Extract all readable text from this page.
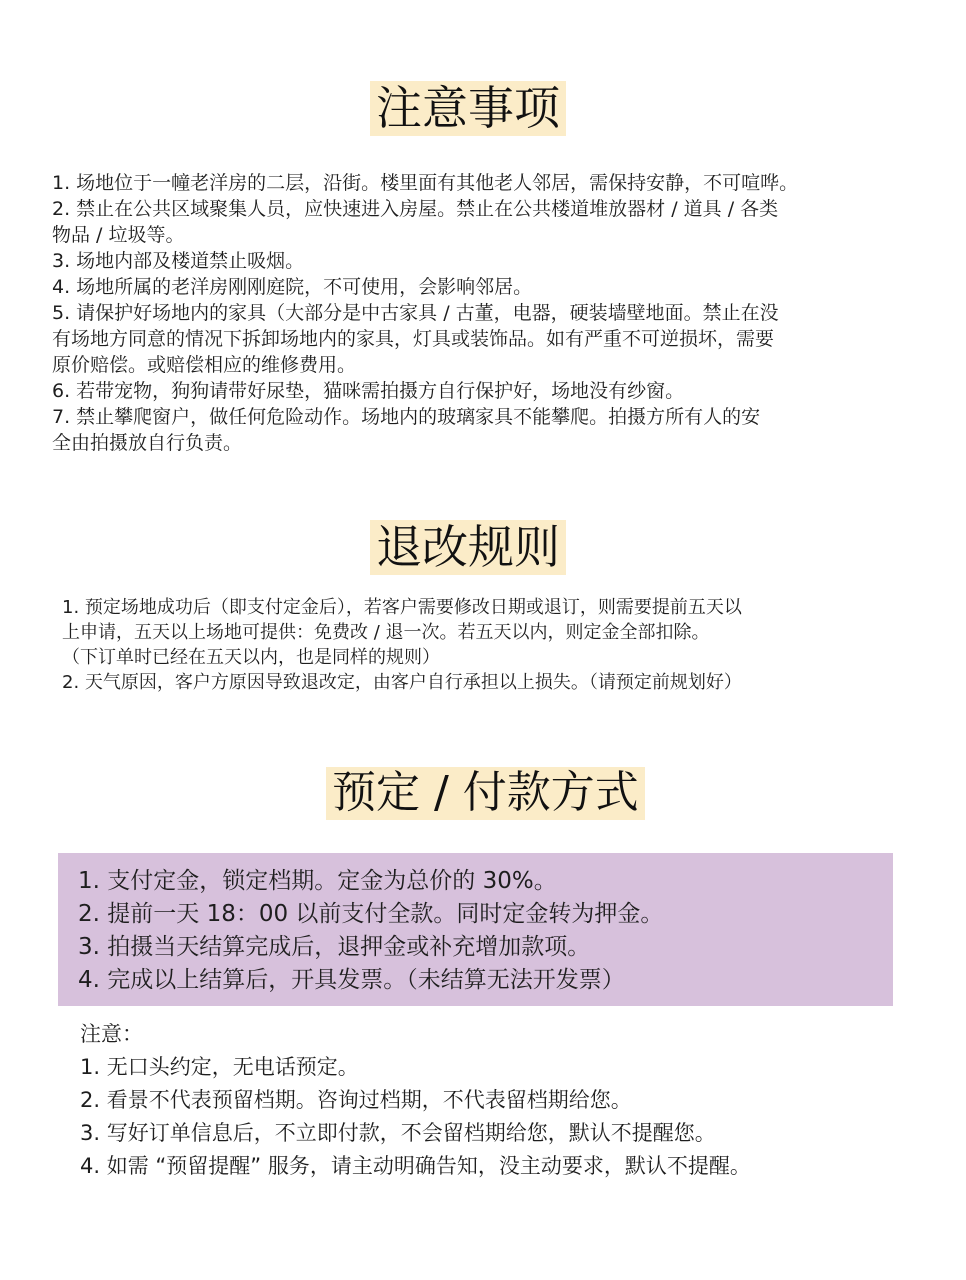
注意事项

1. 场地位于一幢老洋房的二层，沿街。楼里面有其他老人邻居，需保持安静，不可喧哗。

2. 禁止在公共区域聚集人员，应快速进入房屋。禁止在公共楼道堆放器材 / 道具 / 各类

物品 / 垃圾等。

3. 场地内部及楼道禁止吸烟。

4. 场地所属的老洋房刚刚庭院，不可使用，会影响邻居。

5. 请保护好场地内的家具（大部分是中古家具 / 古董，电器，硬装墙壁地面。禁止在没

有场地方同意的情况下拆卸场地内的家具，灯具或装饰品。如有严重不可逆损坏，需要

原价赔偿。或赔偿相应的维修费用。

6. 若带宠物，狗狗请带好尿垫，猫咪需拍摄方自行保护好，场地没有纱窗。

7. 禁止攀爬窗户，做任何危险动作。场地内的玻璃家具不能攀爬。拍摄方所有人的安

全由拍摄放自行负责。

退改规则

1. 预定场地成功后（即支付定金后），若客户需要修改日期或退订，则需要提前五天以

上申请，五天以上场地可提供：免费改 / 退一次。若五天以内，则定金全部扣除。

（下订单时已经在五天以内，也是同样的规则）

2. 天气原因，客户方原因导致退改定，由客户自行承担以上损失。（请预定前规划好）

预定 / 付款方式

1. 支付定金，锁定档期。定金为总价的 30%。

2. 提前一天 18：00 以前支付全款。同时定金转为押金。

3. 拍摄当天结算完成后，退押金或补充增加款项。

4. 完成以上结算后，开具发票。（未结算无法开发票）

注意：

1. 无口头约定，无电话预定。

2. 看景不代表预留档期。咨询过档期，不代表留档期给您。

3. 写好订单信息后，不立即付款，不会留档期给您，默认不提醒您。

4. 如需 “预留提醒” 服务，请主动明确告知，没主动要求，默认不提醒。
